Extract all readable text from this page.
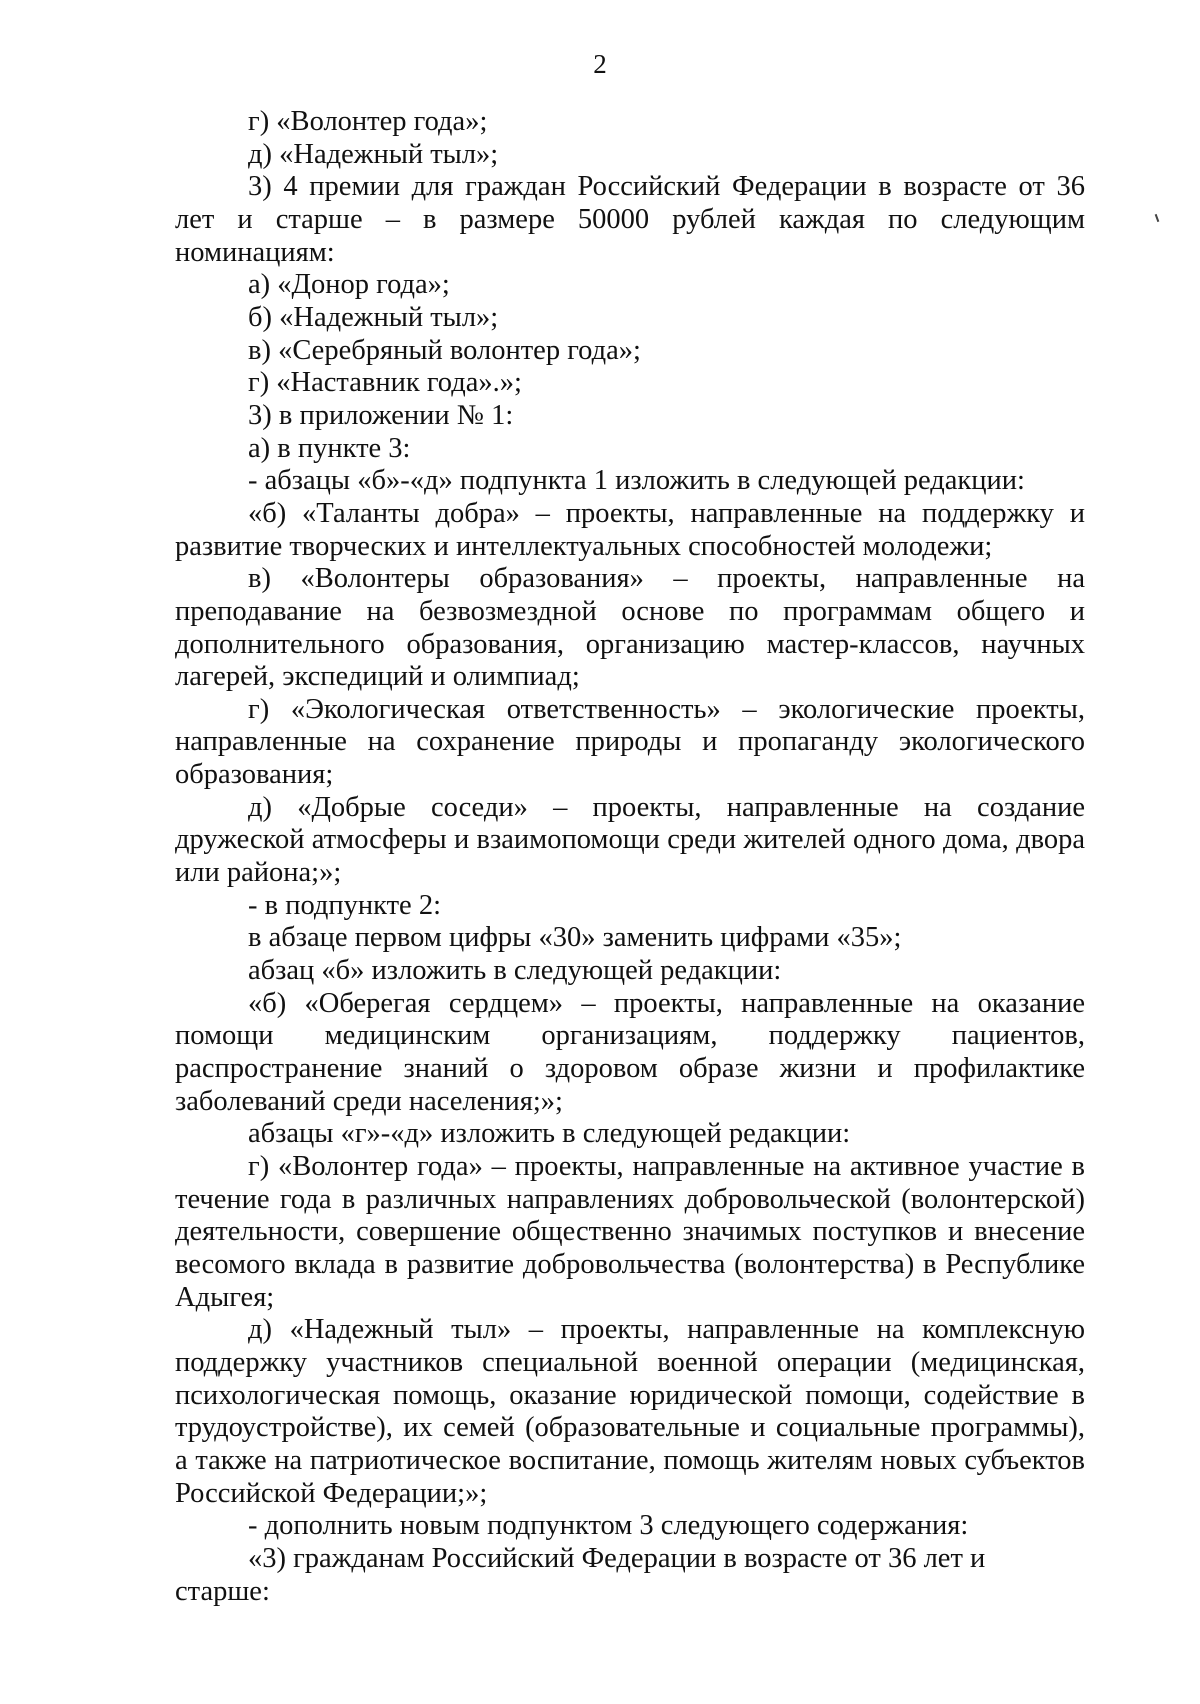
2

г) «Волонтер года»;

д) «Надежный тыл»;

3) 4 премии для граждан Российский Федерации в возрасте от 36 лет и старше – в размере 50000 рублей каждая по следующим номинациям:

а) «Донор года»;

б) «Надежный тыл»;

в) «Серебряный волонтер года»;

г) «Наставник года».»;

3) в приложении № 1:

а) в пункте 3:

- абзацы «б»-«д» подпункта 1 изложить в следующей редакции:

«б) «Таланты добра» – проекты, направленные на поддержку и развитие творческих и интеллектуальных способностей молодежи;

в) «Волонтеры образования» – проекты, направленные на преподавание на безвозмездной основе по программам общего и дополнительного образования, организацию мастер-классов, научных лагерей, экспедиций и олимпиад;

г) «Экологическая ответственность» – экологические проекты, направленные на сохранение природы и пропаганду экологического образования;

д) «Добрые соседи» – проекты, направленные на создание дружеской атмосферы и взаимопомощи среди жителей одного дома, двора или района;»;

- в подпункте 2:

в абзаце первом цифры «30» заменить цифрами «35»;

абзац «б» изложить в следующей редакции:

«б) «Оберегая сердцем» – проекты, направленные на оказание помощи медицинским организациям, поддержку пациентов, распространение знаний о здоровом образе жизни и профилактике заболеваний среди населения;»;

абзацы «г»-«д» изложить в следующей редакции:

г) «Волонтер года» – проекты, направленные на активное участие в течение года в различных направлениях добровольческой (волонтерской) деятельности, совершение общественно значимых поступков и внесение весомого вклада в развитие добровольчества (волонтерства) в Республике Адыгея;

д) «Надежный тыл» – проекты, направленные на комплексную поддержку участников специальной военной операции (медицинская, психологическая помощь, оказание юридической помощи, содействие в трудоустройстве), их семей (образовательные и социальные программы), а также на патриотическое воспитание, помощь жителям новых субъектов Российской Федерации;»;

- дополнить новым подпунктом 3 следующего содержания:

«3) гражданам Российский Федерации в возрасте от 36 лет и старше:
